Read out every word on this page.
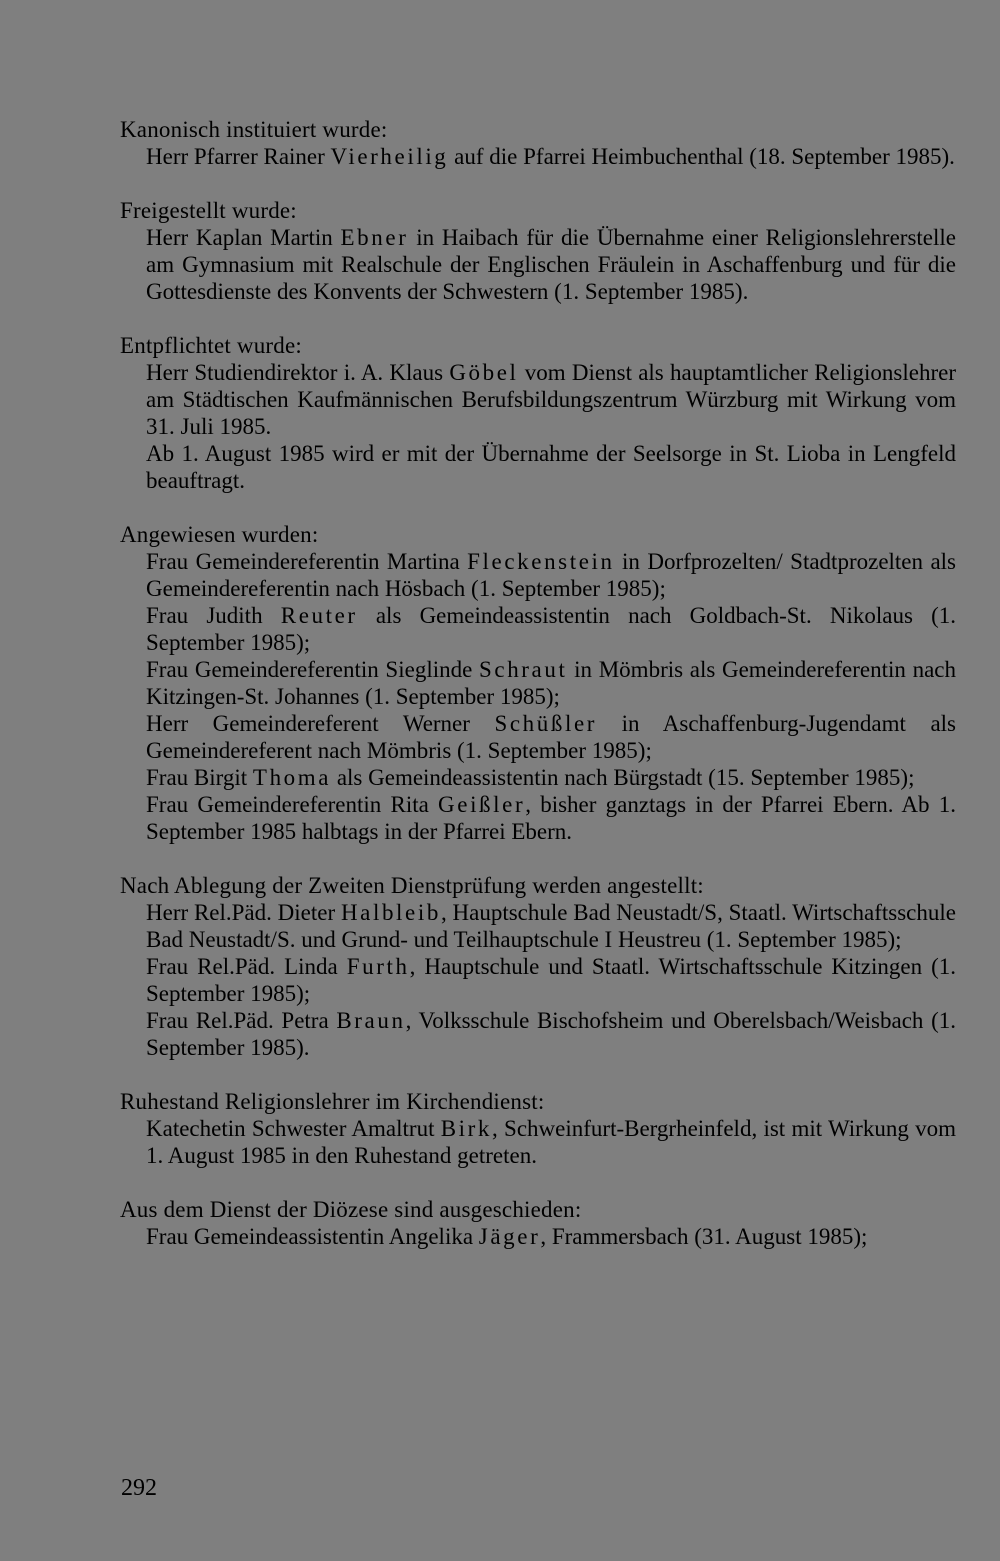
Kanonisch instituiert wurde:

Herr Pfarrer Rainer Vierheilig auf die Pfarrei Heimbuchenthal (18. September 1985).

Freigestellt wurde:

Herr Kaplan Martin Ebner in Haibach für die Übernahme einer Religionslehrerstelle am Gymnasium mit Realschule der Englischen Fräulein in Aschaffenburg und für die Gottesdienste des Konvents der Schwestern (1. September 1985).

Entpflichtet wurde:

Herr Studiendirektor i. A. Klaus Göbel vom Dienst als hauptamtlicher Religionslehrer am Städtischen Kaufmännischen Berufsbildungszentrum Würzburg mit Wirkung vom 31. Juli 1985.

Ab 1. August 1985 wird er mit der Übernahme der Seelsorge in St. Lioba in Lengfeld beauftragt.

Angewiesen wurden:

Frau Gemeindereferentin Martina Fleckenstein in Dorfprozelten/ Stadtprozelten als Gemeindereferentin nach Hösbach (1. September 1985);

Frau Judith Reuter als Gemeindeassistentin nach Goldbach-St. Nikolaus (1. September 1985);

Frau Gemeindereferentin Sieglinde Schraut in Mömbris als Gemeindereferentin nach Kitzingen-St. Johannes (1. September 1985);

Herr Gemeindereferent Werner Schüßler in Aschaffenburg-Jugendamt als Gemeindereferent nach Mömbris (1. September 1985);

Frau Birgit Thoma als Gemeindeassistentin nach Bürgstadt (15. September 1985);

Frau Gemeindereferentin Rita Geißler, bisher ganztags in der Pfarrei Ebern. Ab 1. September 1985 halbtags in der Pfarrei Ebern.

Nach Ablegung der Zweiten Dienstprüfung werden angestellt:

Herr Rel.Päd. Dieter Halbleib, Hauptschule Bad Neustadt/S, Staatl. Wirtschaftsschule Bad Neustadt/S. und Grund- und Teilhauptschule I Heustreu (1. September 1985);

Frau Rel.Päd. Linda Furth, Hauptschule und Staatl. Wirtschaftsschule Kitzingen (1. September 1985);

Frau Rel.Päd. Petra Braun, Volksschule Bischofsheim und Oberelsbach/Weisbach (1. September 1985).

Ruhestand Religionslehrer im Kirchendienst:

Katechetin Schwester Amaltrut Birk, Schweinfurt-Bergrheinfeld, ist mit Wirkung vom 1. August 1985 in den Ruhestand getreten.

Aus dem Dienst der Diözese sind ausgeschieden:

Frau Gemeindeassistentin Angelika Jäger, Frammersbach (31. August 1985);

292
